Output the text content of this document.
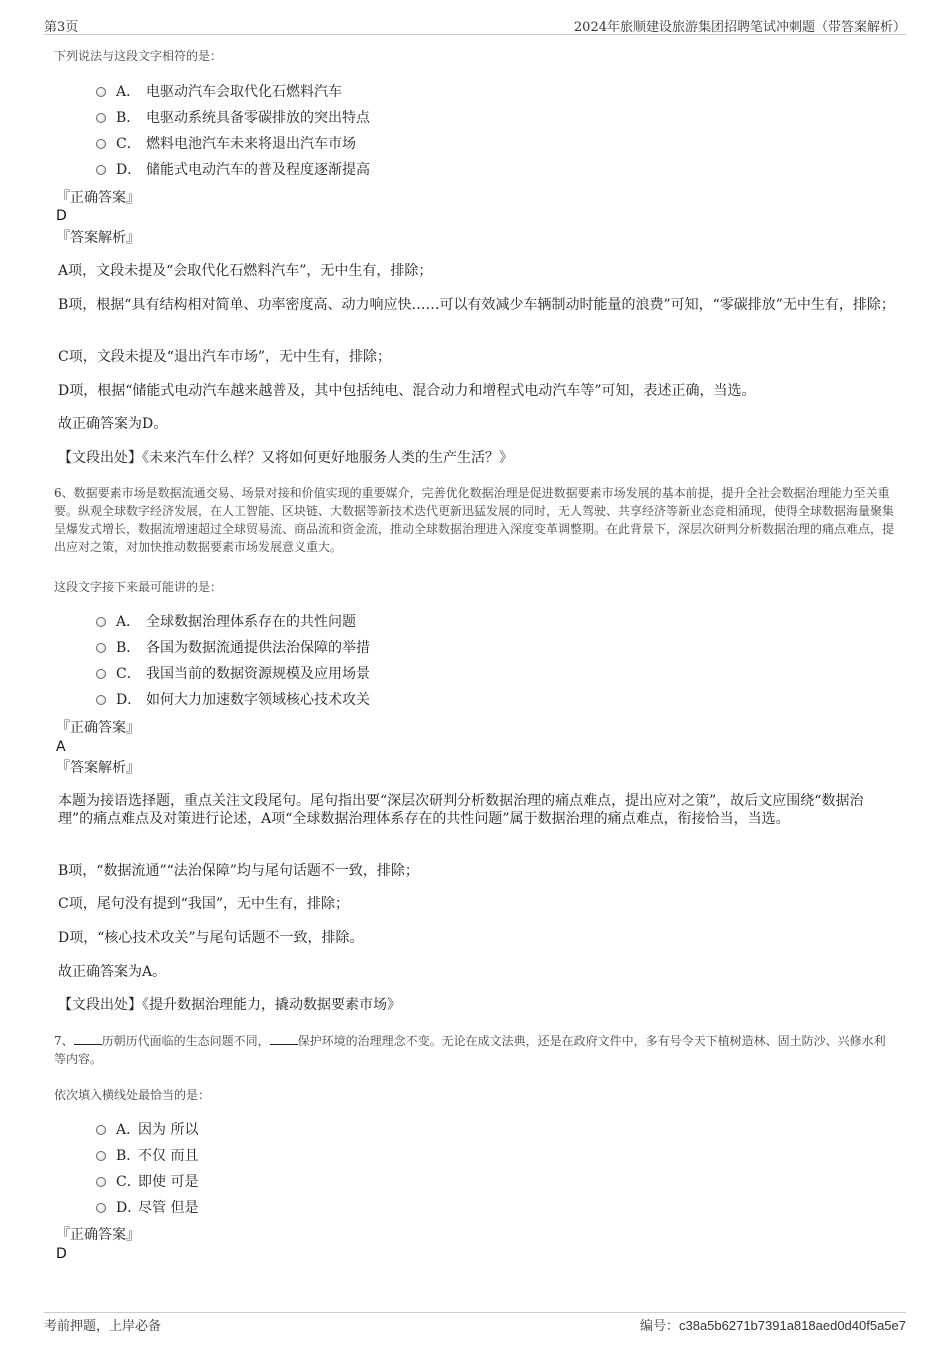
第3页	2024年旅顺建设旅游集团招聘笔试冲刺题（带答案解析）
下列说法与这段文字相符的是：
A． 电驱动汽车会取代化石燃料汽车
B． 电驱动系统具备零碳排放的突出特点
C． 燃料电池汽车未来将退出汽车市场
D． 储能式电动汽车的普及程度逐渐提高
『正确答案』
D
『答案解析』
A项，文段未提及“会取代化石燃料汽车”，无中生有，排除；
B项，根据“具有结构相对简单、功率密度高、动力响应快……可以有效减少车辆制动时能量的浪费”可知，“零碳排放”无中生有，排除；
C项，文段未提及“退出汽车市场”，无中生有，排除；
D项，根据“储能式电动汽车越来越普及，其中包括纯电、混合动力和增程式电动汽车等”可知，表述正确，当选。
故正确答案为D。
【文段出处】《未来汽车什么样？又将如何更好地服务人类的生产生活？》
6、数据要素市场是数据流通交易、场景对接和价值实现的重要媒介，完善优化数据治理是促进数据要素市场发展的基本前提，提升全社会数据治理能力至关重要。纵观全球数字经济发展，在人工智能、区块链、大数据等新技术迭代更新迅猛发展的同时，无人驾驶、共享经济等新业态竞相涌现，使得全球数据海量聚集呈爆发式增长，数据流增速超过全球贸易流、商品流和资金流，推动全球数据治理进入深度变革调整期。在此背景下，深层次研判分析数据治理的痛点难点，提出应对之策，对加快推动数据要素市场发展意义重大。
这段文字接下来最可能讲的是：
A． 全球数据治理体系存在的共性问题
B． 各国为数据流通提供法治保障的举措
C． 我国当前的数据资源规模及应用场景
D． 如何大力加速数字领域核心技术攻关
『正确答案』
A
『答案解析』
本题为接语选择题，重点关注文段尾句。尾句指出要“深层次研判分析数据治理的痛点难点，提出应对之策”，故后文应围绕“数据治理”的痛点难点及对策进行论述，A项“全球数据治理体系存在的共性问题”属于数据治理的痛点难点，衔接恰当，当选。
B项，“数据流通”“法治保障”均与尾句话题不一致，排除；
C项，尾句没有提到“我国”，无中生有，排除；
D项，“核心技术攻关”与尾句话题不一致，排除。
故正确答案为A。
【文段出处】《提升数据治理能力，撬动数据要素市场》
7、 历朝历代面临的生态问题不同， 保护环境的治理理念不变。无论在成文法典，还是在政府文件中，多有号令天下植树造林、固土防沙、兴修水利等内容。
依次填入横线处最恰当的是：
A．因为 所以
B．不仅 而且
C．即使 可是
D．尽管 但是
『正确答案』
D
考前押题，上岸必备	编号：c38a5b6271b7391a818aed0d40f5a5e7
